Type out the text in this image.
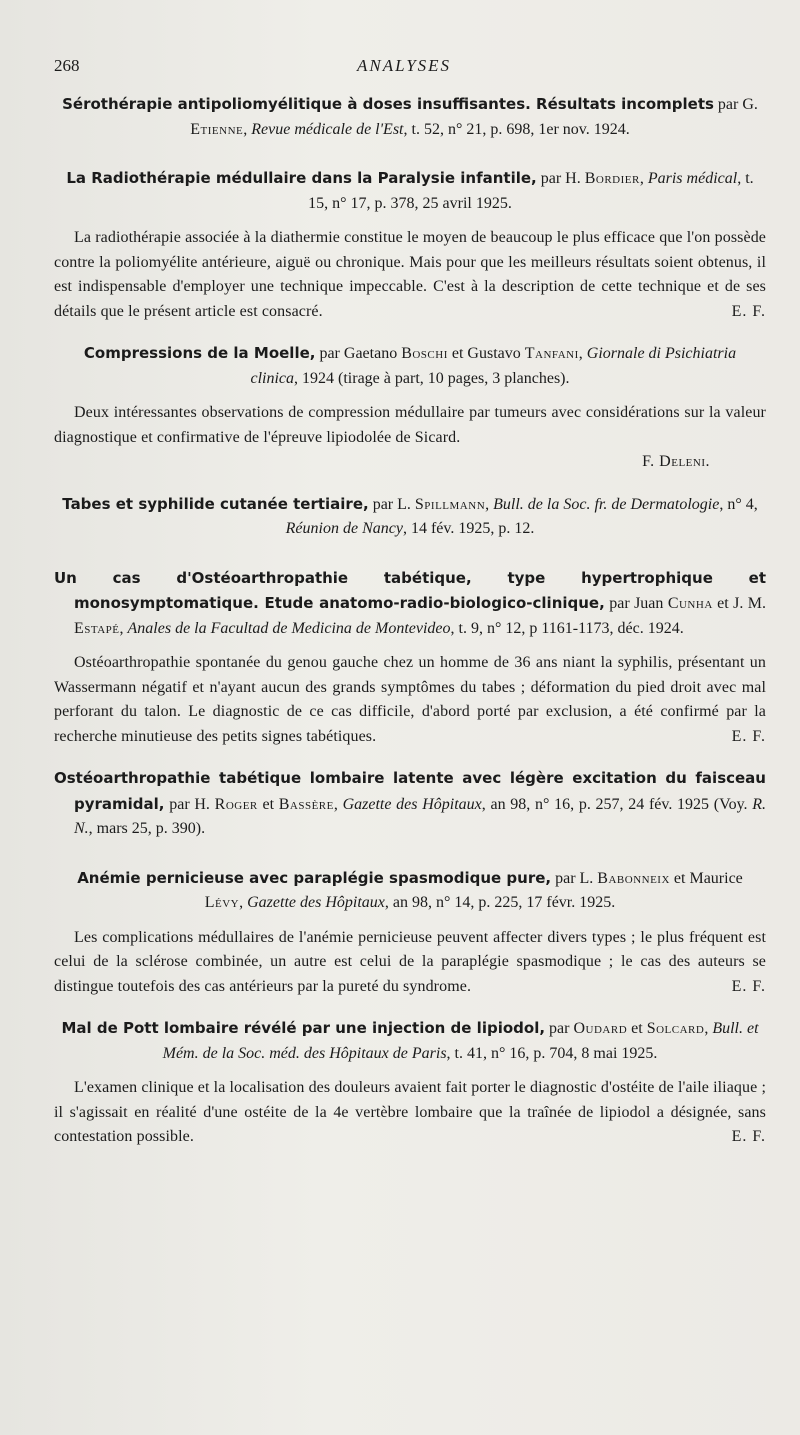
268	ANALYSES
Sérothérapie antipoliomyélitique à doses insuffisantes. Résultats incomplets par G. Etienne, Revue médicale de l'Est, t. 52, n° 21, p. 698, 1er nov. 1924.
La Radiothérapie médullaire dans la Paralysie infantile, par H. Bordier, Paris médical, t. 15, n° 17, p. 378, 25 avril 1925.
La radiothérapie associée à la diathermie constitue le moyen de beaucoup le plus efficace que l'on possède contre la poliomyélite antérieure, aiguë ou chronique. Mais pour que les meilleurs résultats soient obtenus, il est indispensable d'employer une technique impeccable. C'est à la description de cette technique et de ses détails que le présent article est consacré.	E. F.
Compressions de la Moelle, par Gaetano Boschi et Gustavo Tanfani, Giornale di Psichiatria clinica, 1924 (tirage à part, 10 pages, 3 planches).
Deux intéressantes observations de compression médullaire par tumeurs avec considérations sur la valeur diagnostique et confirmative de l'épreuve lipiodolée de Sicard.
F. Deleni.
Tabes et syphilide cutanée tertiaire, par L. Spillmann, Bull. de la Soc. fr. de Dermatologie, n° 4, Réunion de Nancy, 14 fév. 1925, p. 12.
Un cas d'Ostéoarthropathie tabétique, type hypertrophique et monosymptomatique. Etude anatomo-radio-biologico-clinique, par Juan Cunha et J. M. Estapé, Anales de la Facultad de Medicina de Montevideo, t. 9, n° 12, p 1161-1173, déc. 1924.
Ostéoarthropathie spontanée du genou gauche chez un homme de 36 ans niant la syphilis, présentant un Wassermann négatif et n'ayant aucun des grands symptômes du tabes ; déformation du pied droit avec mal perforant du talon. Le diagnostic de ce cas difficile, d'abord porté par exclusion, a été confirmé par la recherche minutieuse des petits signes tabétiques.	E. F.
Ostéoarthropathie tabétique lombaire latente avec légère excitation du faisceau pyramidal, par H. Roger et Bassère, Gazette des Hôpitaux, an 98, n° 16, p. 257, 24 fév. 1925 (Voy. R. N., mars 25, p. 390).
Anémie pernicieuse avec paraplégie spasmodique pure, par L. Babonneix et Maurice Lévy, Gazette des Hôpitaux, an 98, n° 14, p. 225, 17 févr. 1925.
Les complications médullaires de l'anémie pernicieuse peuvent affecter divers types ; le plus fréquent est celui de la sclérose combinée, un autre est celui de la paraplégie spasmodique ; le cas des auteurs se distingue toutefois des cas antérieurs par la pureté du syndrome.	E. F.
Mal de Pott lombaire révélé par une injection de lipiodol, par Oudard et Solcard, Bull. et Mém. de la Soc. méd. des Hôpitaux de Paris, t. 41, n° 16, p. 704, 8 mai 1925.
L'examen clinique et la localisation des douleurs avaient fait porter le diagnostic d'ostéite de l'aile iliaque ; il s'agissait en réalité d'une ostéite de la 4e vertèbre lombaire que la traînée de lipiodol a désignée, sans contestation possible.	E. F.
